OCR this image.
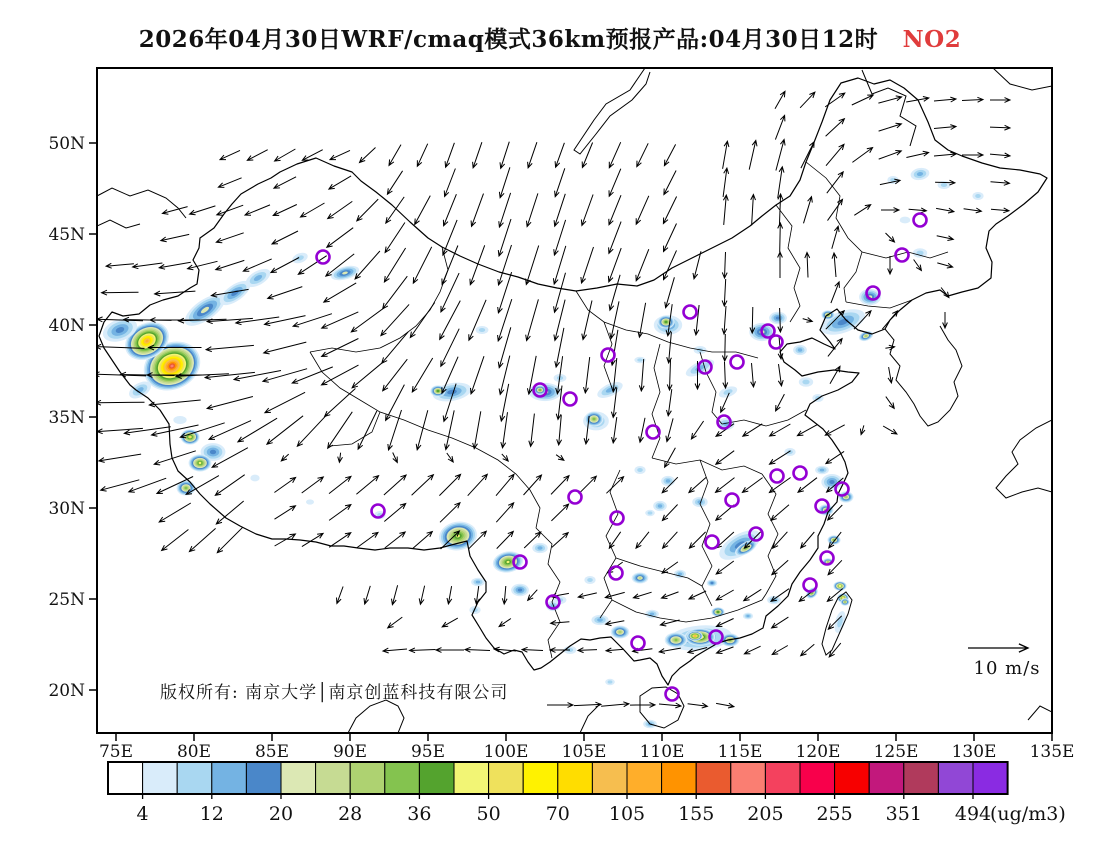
2026年04月30日WRF/cmaq模式36km预报产品:04月30日12时 NO2
50N
45N
40N
35N
30N
25N
20N
75E	80E	85E	90E	95E 100E 105E 110E 115E 120E 125E 130E 135E
4	12 20 28 36 50 70 105 155 205 255 351 494
(ug/m3)
版权所有: 南京大学│南京创蓝科技有限公司
10 m/s
